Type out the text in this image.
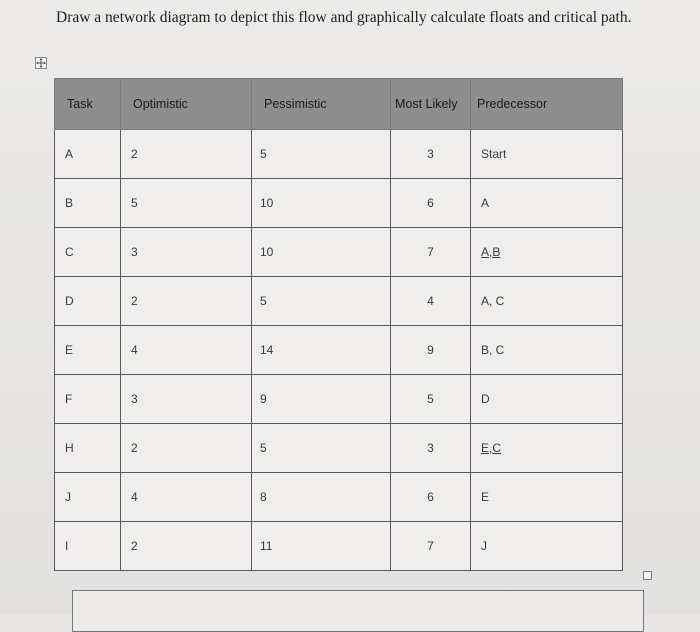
Draw a network diagram to depict this flow and graphically calculate floats and critical path.

Task	Optimistic	Pessimistic	Most Likely	Predecessor
A	2	5	3	Start
B	5	10	6	A
C	3	10	7	A,B
D	2	5	4	A, C
E	4	14	9	B, C
F	3	9	5	D
H	2	5	3	E,C
J	4	8	6	E
I	2	11	7	J
